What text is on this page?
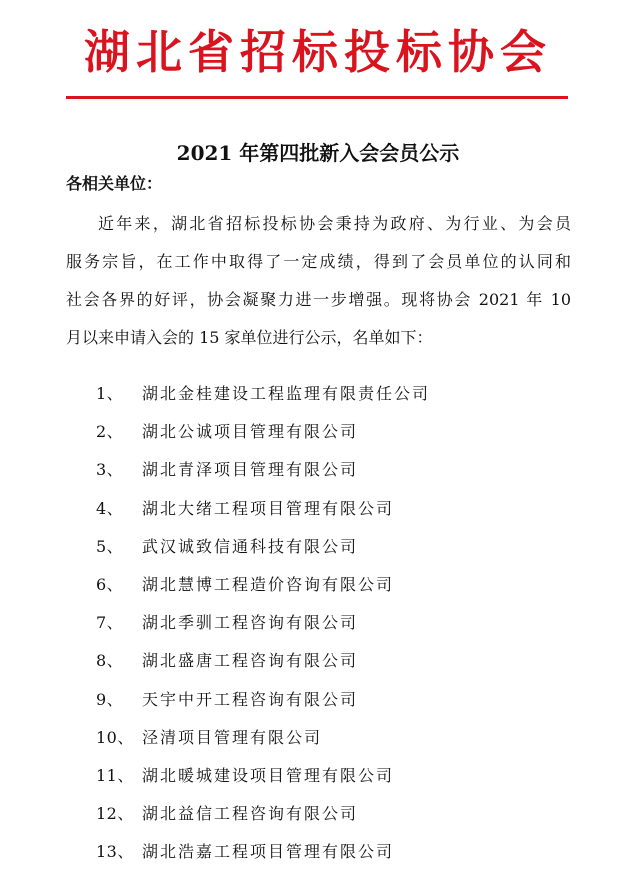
湖北省招标投标协会
2021 年第四批新入会会员公示
各相关单位：

近年来，湖北省招标投标协会秉持为政府、为行业、为会员
服务宗旨，在工作中取得了一定成绩，得到了会员单位的认同和
社会各界的好评，协会凝聚力进一步增强。现将协会 2021 年 10
月以来申请入会的 15 家单位进行公示，名单如下：

1、	湖北金桂建设工程监理有限责任公司
2、	湖北公诚项目管理有限公司
3、	湖北青泽项目管理有限公司
4、	湖北大绪工程项目管理有限公司
5、	武汉诚致信通科技有限公司
6、	湖北慧博工程造价咨询有限公司
7、	湖北季驯工程咨询有限公司
8、	湖北盛唐工程咨询有限公司
9、	天宇中开工程咨询有限公司
10、 泾清项目管理有限公司
11、 湖北暖城建设项目管理有限公司
12、 湖北益信工程咨询有限公司
13、 湖北浩嘉工程项目管理有限公司
